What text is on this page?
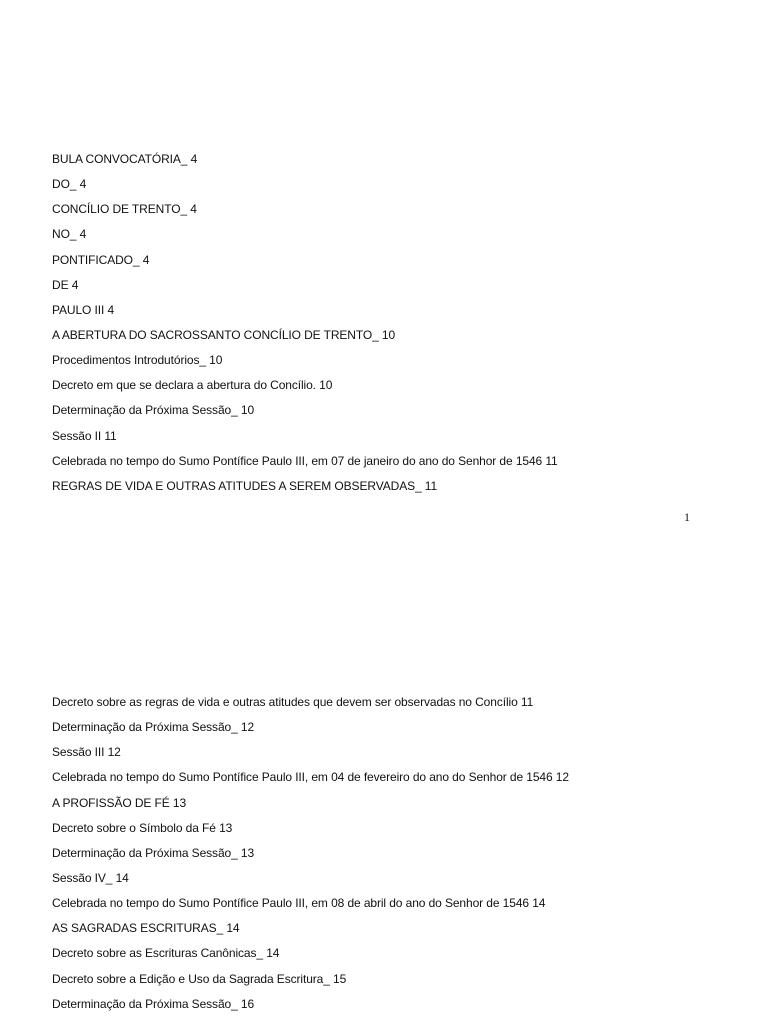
BULA CONVOCATÓRIA_ 4
DO_ 4
CONCÍLIO DE TRENTO_ 4
NO_ 4
PONTIFICADO_ 4
DE 4
PAULO III 4
A ABERTURA DO SACROSSANTO CONCÍLIO DE TRENTO_ 10
Procedimentos Introdutórios_ 10
Decreto em que se declara a abertura do Concílio. 10
Determinação da Próxima Sessão_ 10
Sessão II 11
Celebrada no tempo do Sumo Pontífice Paulo III, em 07 de janeiro do ano do Senhor de 1546 11
REGRAS DE VIDA E OUTRAS ATITUDES A SEREM OBSERVADAS_ 11
1
Decreto sobre as regras de vida e outras atitudes que devem ser observadas no Concílio 11
Determinação da Próxima Sessão_ 12
Sessão III 12
Celebrada no tempo do Sumo Pontífice Paulo III, em 04 de fevereiro do ano do Senhor de 1546 12
A PROFISSÃO DE FÉ 13
Decreto sobre o Símbolo da Fé 13
Determinação da Próxima Sessão_ 13
Sessão IV_ 14
Celebrada no tempo do Sumo Pontífice Paulo III, em 08 de abril do ano do Senhor de 1546 14
AS SAGRADAS ESCRITURAS_ 14
Decreto sobre as Escrituras Canônicas_ 14
Decreto sobre a Edição e Uso da Sagrada Escritura_ 15
Determinação da Próxima Sessão_ 16
